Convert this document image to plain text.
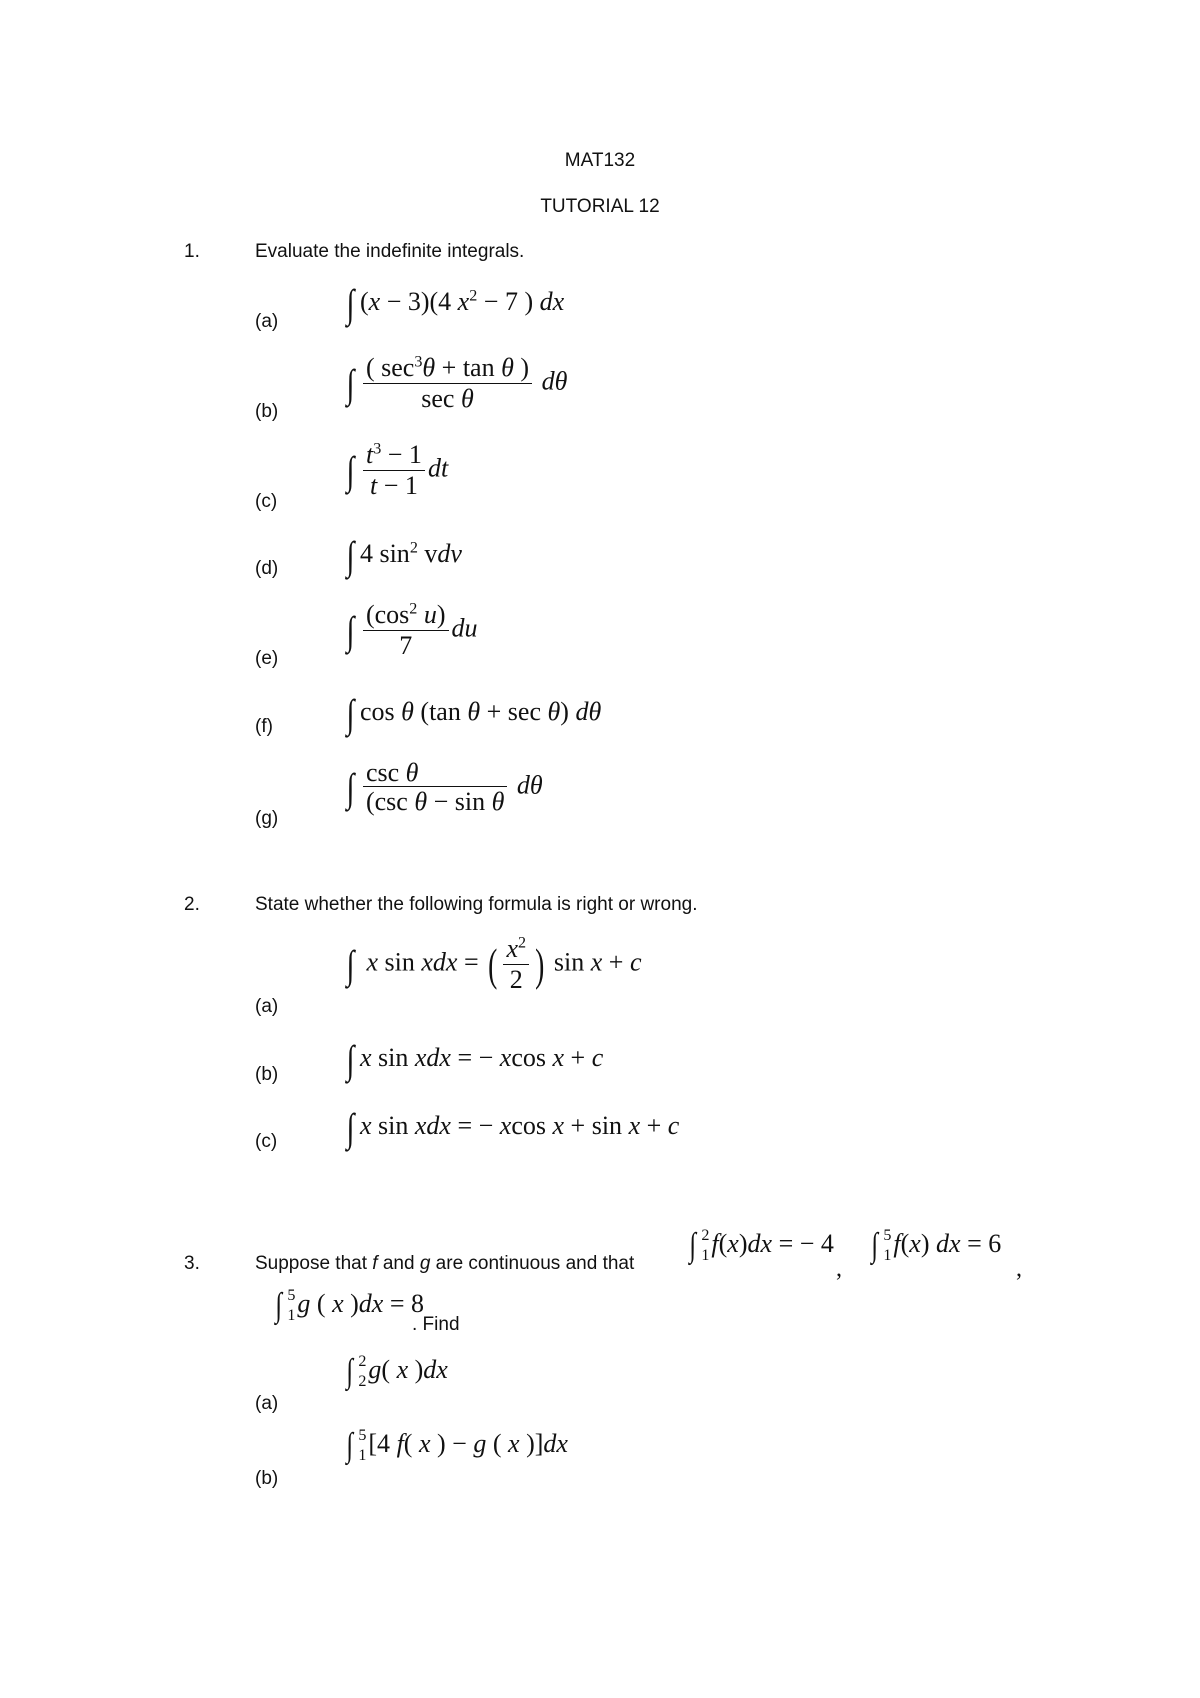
MAT132
TUTORIAL 12
1.	Evaluate the indefinite integrals.
(a) ∫ (x − 3)(4 $x^2 - 7$ ) dx
(b)
∫ $\frac{( \sec^3\theta + \tan \theta )}{\text{sec θ}}$ dθ
(c)
∫ $\frac{t^3 - 1}{t - 1}$ dt
(d) ∫ 4 $\sin^2$ vdv
(e)
∫ $\frac{(\cos^2 u)}{7}$ du
(f) ∫ cos θ (tan θ + sec θ) dθ
(g)
∫ $\frac{\text{csc θ}}{\text{(csc θ − sin θ}}$ dθ
2.	State whether the following formula is right or wrong.
(a)
∫ x sin xdx = ( $\frac{x^2}{2}$ ) sin x + c
(b) ∫ x sin xdx = − xcos x + c
(c) ∫ x sin xdx = − xcos x + sin x + c
3.	Suppose that f and g are continuous and that ∫ 2
1 f(x)dx = − 4
,
∫ 5
1 f(x) dx = 6
,
∫ 5
1 g ( x )dx = 8
. Find
(a)
∫ 2
2 g( x )dx
(b)
∫ 5
1 [4 f( x ) − g ( x )]dx
